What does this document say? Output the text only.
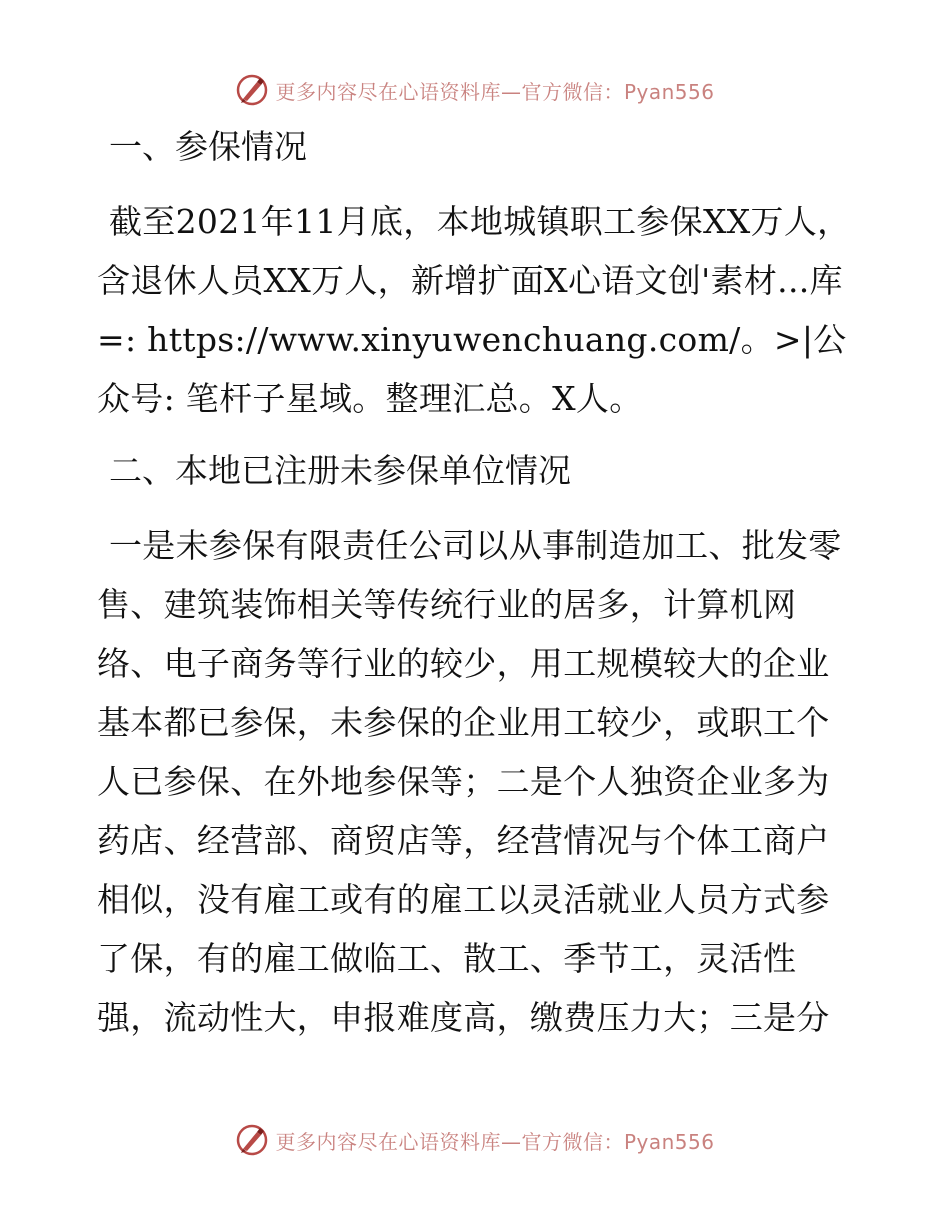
更多内容尽在心语资料库—官方微信：Pyan556
一、参保情况
截至2021年11月底，本地城镇职工参保XX万人，含退休人员XX万人，新增扩面X心语文创'素材...库=: https://www.xinyuwenchuang.com/。>|公众号: 笔杆子星域。整理汇总。X人。
二、本地已注册未参保单位情况
一是未参保有限责任公司以从事制造加工、批发零售、建筑装饰相关等传统行业的居多，计算机网络、电子商务等行业的较少，用工规模较大的企业基本都已参保，未参保的企业用工较少，或职工个人已参保、在外地参保等；二是个人独资企业多为药店、经营部、商贸店等，经营情况与个体工商户相似，没有雇工或有的雇工以灵活就业人员方式参了保，有的雇工做临工、散工、季节工，灵活性强，流动性大，申报难度高，缴费压力大；三是分
更多内容尽在心语资料库—官方微信：Pyan556
